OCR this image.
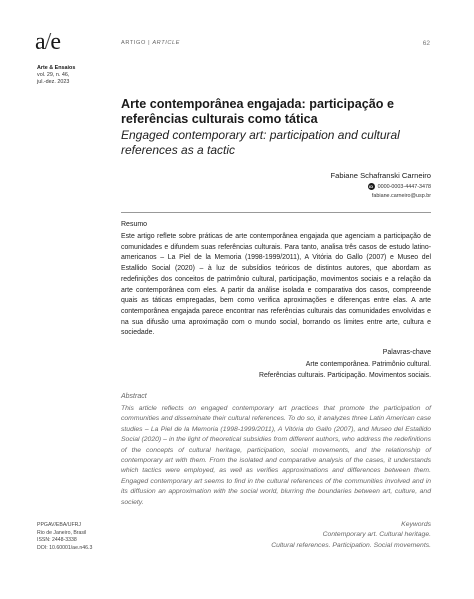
a/e
Arte & Ensaios
vol. 29, n. 46,
jul.-dez. 2023
ARTIGO | ARTICLE	62
Arte contemporânea engajada: participação e referências culturais como tática
Engaged contemporary art: participation and cultural references as a tactic
Fabiane Schafranski Carneiro
iD 0000-0003-4447-3478
fabiane.carneiro@usp.br
Resumo

Este artigo reflete sobre práticas de arte contemporânea engajada que agenciam a participação de comunidades e difundem suas referências culturais. Para tanto, analisa três casos de estudo latino-americanos – La Piel de la Memoria (1998-1999/2011), A Vitória do Gallo (2007) e Museo del Estallido Social (2020) – à luz de subsídios teóricos de distintos autores, que abordam as redefinições dos conceitos de patrimônio cultural, participação, movimentos sociais e a relação da arte contemporânea com eles. A partir da análise isolada e comparativa dos casos, compreende quais as táticas empregadas, bem como verifica aproximações e diferenças entre elas. A arte contemporânea engajada parece encontrar nas referências culturais das comunidades envolvidas e na sua difusão uma aproximação com o mundo social, borrando os limites entre arte, cultura e sociedade.

Palavras-chave
Arte contemporânea. Patrimônio cultural.
Referências culturais. Participação. Movimentos sociais.
Abstract

This article reflects on engaged contemporary art practices that promote the participation of communities and disseminate their cultural references. To do so, it analyzes three Latin American case studies – La Piel de la Memoria (1998-1999/2011), A Vitória do Gallo (2007), and Museo del Estallido Social (2020) – in the light of theoretical subsidies from different authors, who address the redefinitions of the concepts of cultural heritage, participation, social movements, and the relationship of contemporary art with them. From the isolated and comparative analysis of the cases, it understands which tactics were employed, as well as verifies approximations and differences between them. Engaged contemporary art seems to find in the cultural references of the communities involved and in its diffusion an approximation with the social world, blurring the boundaries between art, culture, and society.

Keywords
Contemporary art. Cultural heritage.
Cultural references. Participation. Social movements.
PPGAV/EBA/UFRJ
Rio de Janeiro, Brasil
ISSN: 2448-3338
DOI: 10.60001/ae.n46.3
